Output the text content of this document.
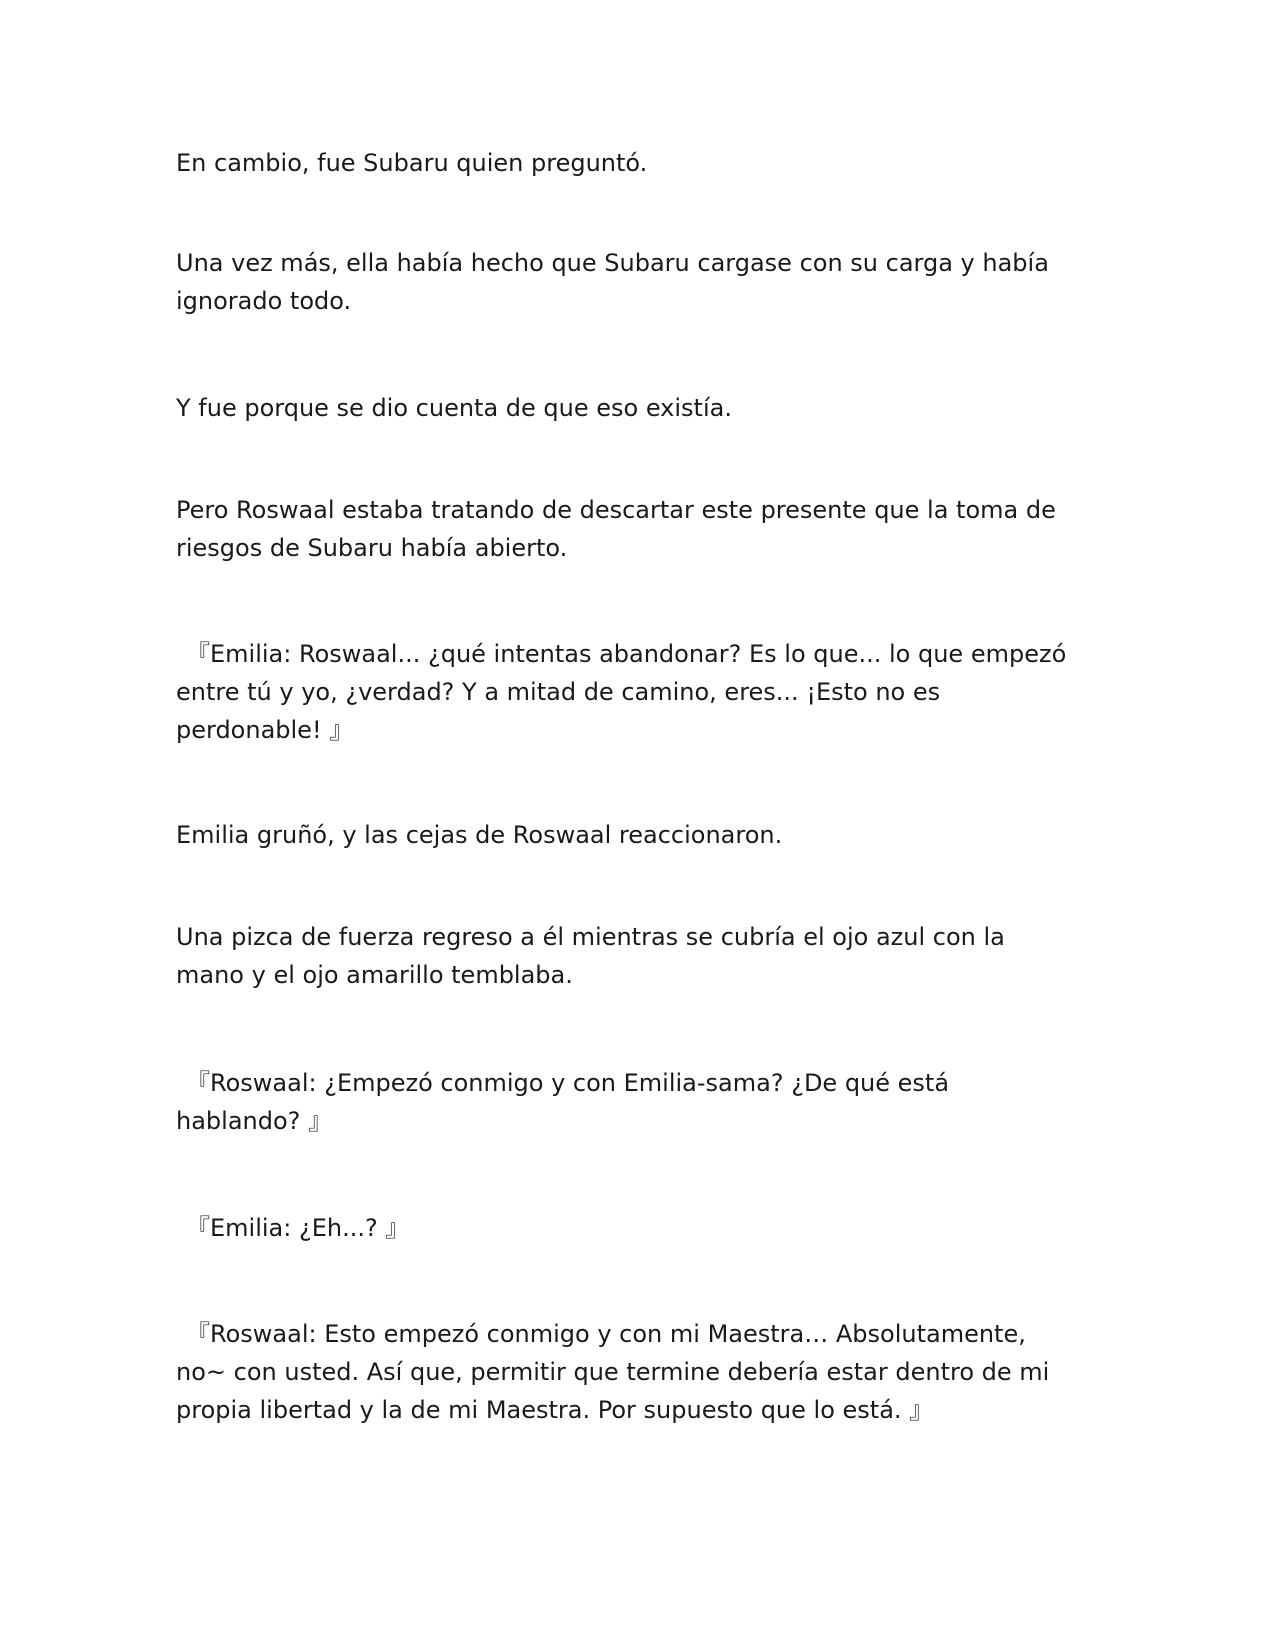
En cambio, fue Subaru quien preguntó.

Una vez más, ella había hecho que Subaru cargase con su carga y había ignorado todo.

Y fue porque se dio cuenta de que eso existía.

Pero Roswaal estaba tratando de descartar este presente que la toma de riesgos de Subaru había abierto.

『Emilia: Roswaal... ¿qué intentas abandonar? Es lo que... lo que empezó entre tú y yo, ¿verdad? Y a mitad de camino, eres... ¡Esto no es perdonable! 』

Emilia gruñó, y las cejas de Roswaal reaccionaron.

Una pizca de fuerza regreso a él mientras se cubría el ojo azul con la mano y el ojo amarillo temblaba.

『Roswaal: ¿Empezó conmigo y con Emilia-sama? ¿De qué está hablando? 』

『Emilia: ¿Eh...? 』

『Roswaal: Esto empezó conmigo y con mi Maestra… Absolutamente, no~ con usted. Así que, permitir que termine debería estar dentro de mi propia libertad y la de mi Maestra. Por supuesto que lo está. 』
